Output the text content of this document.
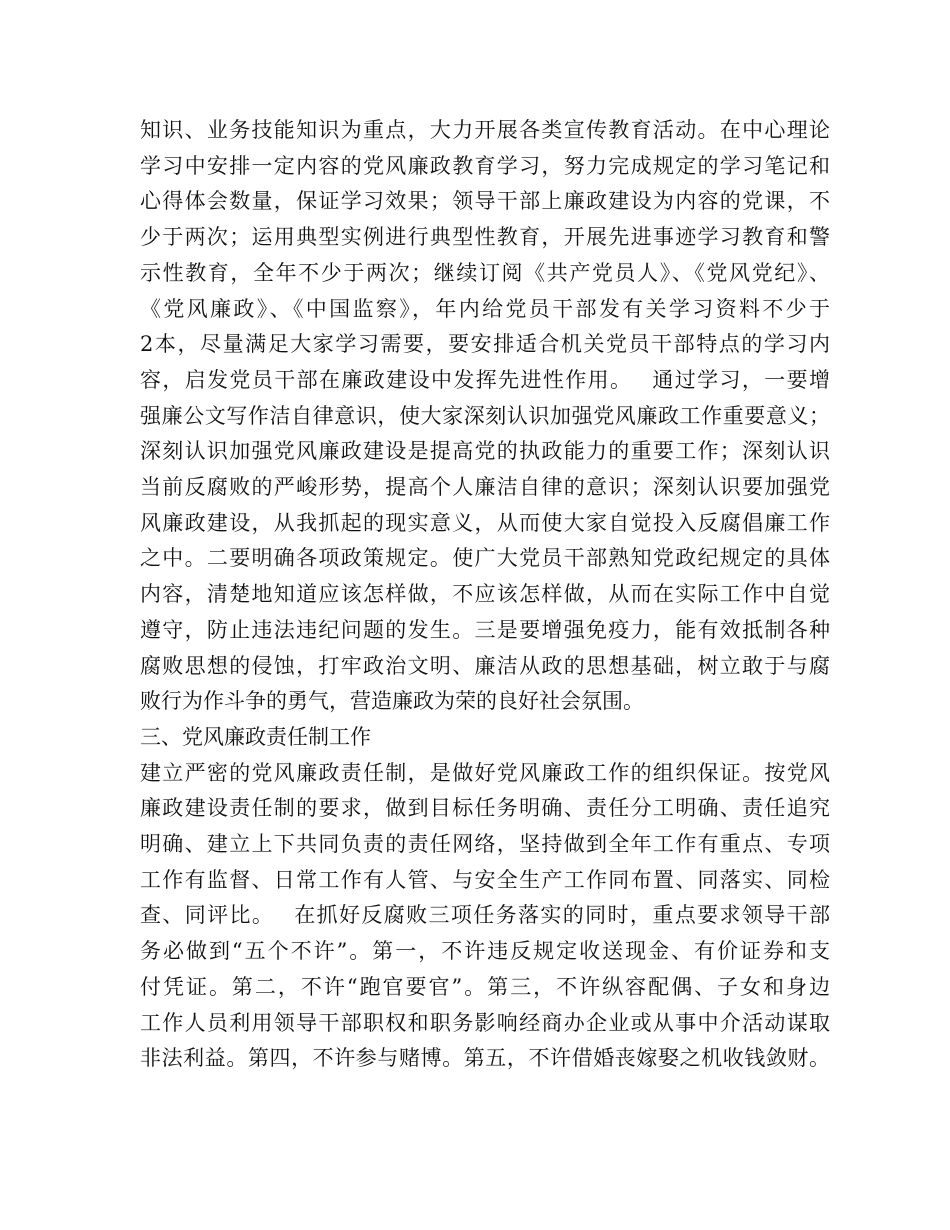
知识、业务技能知识为重点，大力开展各类宣传教育活动。在中心理论
学习中安排一定内容的党风廉政教育学习，努力完成规定的学习笔记和
心得体会数量，保证学习效果；领导干部上廉政建设为内容的党课，不
少于两次；运用典型实例进行典型性教育，开展先进事迹学习教育和警
示性教育，全年不少于两次；继续订阅《共产党员人》、《党风党纪》、
《党风廉政》、《中国监察》，年内给党员干部发有关学习资料不少于
2本，尽量满足大家学习需要，要安排适合机关党员干部特点的学习内
容，启发党员干部在廉政建设中发挥先进性作用。　 通过学习，一要增
强廉公文写作洁自律意识，使大家深刻认识加强党风廉政工作重要意义；
深刻认识加强党风廉政建设是提高党的执政能力的重要工作；深刻认识
当前反腐败的严峻形势，提高个人廉洁自律的意识；深刻认识要加强党
风廉政建设，从我抓起的现实意义，从而使大家自觉投入反腐倡廉工作
之中。二要明确各项政策规定。使广大党员干部熟知党政纪规定的具体
内容，清楚地知道应该怎样做，不应该怎样做，从而在实际工作中自觉
遵守，防止违法违纪问题的发生。三是要增强免疫力，能有效抵制各种
腐败思想的侵蚀，打牢政治文明、廉洁从政的思想基础，树立敢于与腐
败行为作斗争的勇气，营造廉政为荣的良好社会氛围。
三、党风廉政责任制工作
建立严密的党风廉政责任制，是做好党风廉政工作的组织保证。按党风
廉政建设责任制的要求，做到目标任务明确、责任分工明确、责任追究
明确、建立上下共同负责的责任网络，坚持做到全年工作有重点、专项
工作有监督、日常工作有人管、与安全生产工作同布置、同落实、同检
查、同评比。　 在抓好反腐败三项任务落实的同时，重点要求领导干部
务必做到“五个不许”。第一，不许违反规定收送现金、有价证券和支
付凭证。第二，不许“跑官要官”。第三，不许纵容配偶、子女和身边
工作人员利用领导干部职权和职务影响经商办企业或从事中介活动谋取
非法利益。第四，不许参与赌博。第五，不许借婚丧嫁娶之机收钱敛财。
